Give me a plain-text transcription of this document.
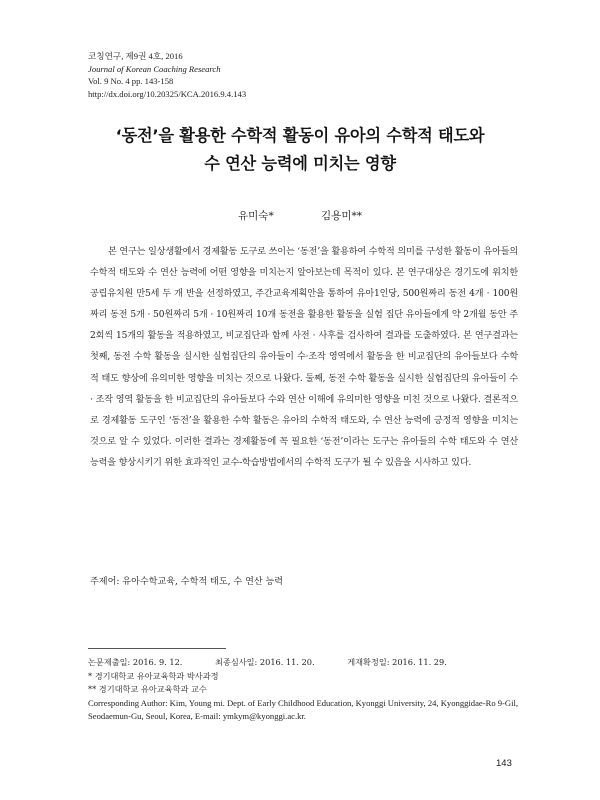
코칭연구, 제9권 4호, 2016
Journal of Korean Coaching Research
Vol. 9 No. 4 pp. 143-158
http://dx.doi.org/10.20325/KCA.2016.9.4.143
‘동전’을 활용한 수학적 활동이 유아의 수학적 태도와
수 연산 능력에 미치는 영향
유미숙*	김용미**

본 연구는 일상생활에서 경제활동 도구로 쓰이는 ‘동전’을 활용하여 수학적 의미를 구성한 활동이 유아들의 수학적 태도와 수 연산 능력에 어떤 영향을 미치는지 알아보는데 목적이 있다. 본 연구대상은 경기도에 위치한 공립유치원 만5세 두 개 반을 선정하였고, 주간교육계획안을 통하여 유아1인당, 500원짜리 동전 4개 · 100원짜리 동전 5개 · 50원짜리 5개 · 10원짜리 10개 동전을 활용한 활동을 실험 집단 유아들에게 약 2개월 동안 주 2회씩 15개의 활동을 적용하였고, 비교집단과 함께 사전 · 사후를 검사하여 결과를 도출하였다. 본 연구결과는 첫째, 동전 수학 활동을 실시한 실험집단의 유아들이 수·조작 영역에서 활동을 한 비교집단의 유아들보다 수학적 태도 향상에 유의미한 영향을 미치는 것으로 나왔다. 둘째, 동전 수학 활동을 실시한 실험집단의 유아들이 수 · 조작 영역 활동을 한 비교집단의 유아들보다 수와 연산 이해에 유의미한 영향을 미친 것으로 나왔다. 결론적으로 경제활동 도구인 ‘동전’을 활용한 수학 활동은 유아의 수학적 태도와, 수 연산 능력에 긍정적 영향을 미치는 것으로 알 수 있었다. 이러한 결과는 경제활동에 꼭 필요한 ‘동전’이라는 도구는 유아들의 수학 태도와 수 연산 능력을 향상시키기 위한 효과적인 교수-학습방법에서의 수학적 도구가 될 수 있음을 시사하고 있다.

주제어: 유아수학교육, 수학적 태도, 수 연산 능력
논문제출일: 2016. 9. 12.	최종심사일: 2016. 11. 20.	게재확정일: 2016. 11. 29.
* 경기대학교 유아교육학과 박사과정
** 경기대학교 유아교육학과 교수
Corresponding Author: Kim, Young mi. Dept. of Early Childhood Education, Kyonggi University, 24, Kyonggidae-Ro 9-Gil, Seodaemun-Gu, Seoul, Korea, E-mail: ymkym@kyonggi.ac.kr.
143
